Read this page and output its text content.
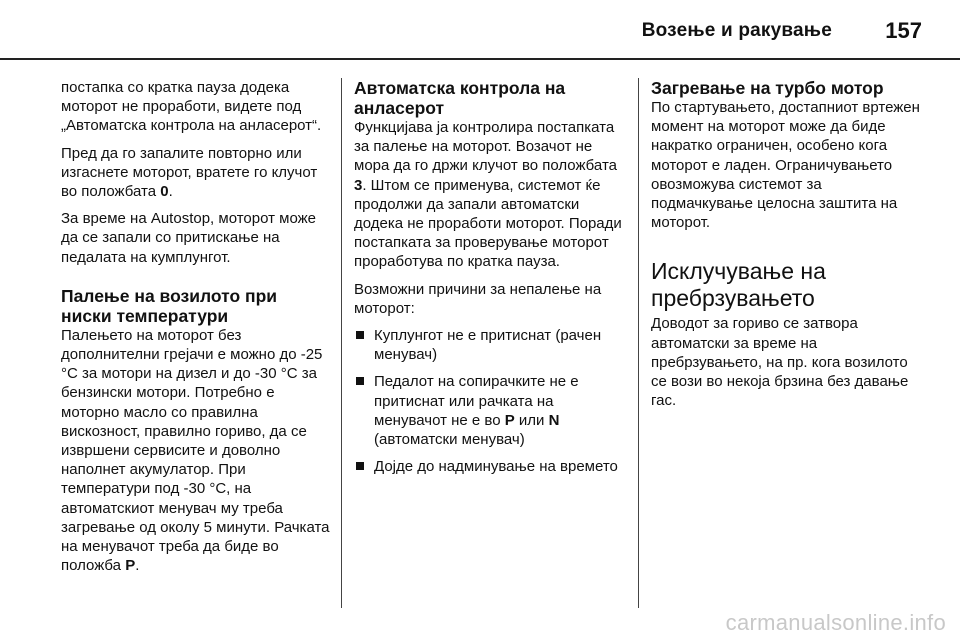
Возење и ракување 157

постапка со кратка пауза додека моторот не проработи, видете под „Автоматска контрола на анласерот“.

Пред да го запалите повторно или изгаснете моторот, вратете го клучот во положбата 0.

За време на Autostop, моторот може да се запали со притискање на педалата на кумплунгот.

Палење на возилото при ниски температури

Палењето на моторот без дополнителни грејачи е можно до -25 °C за мотори на дизел и до -30 °C за бензински мотори. Потребно е моторно масло со правилна вискозност, правилно гориво, да се извршени сервисите и доволно наполнет акумулатор. При температури под -30 °C, на автоматскиот менувач му треба загревање од околу 5 минути. Рачката на менувачот треба да биде во положба P.

Автоматска контрола на анласерот

Функцијава ја контролира постапката за палење на моторот. Возачот не мора да го држи клучот во положбата 3. Штом се применува, системот ќе продолжи да запали автоматски додека не проработи моторот. Поради постапката за проверување моторот проработува по кратка пауза.

Возможни причини за непалење на моторот:

Куплунгот не е притиснат (рачен менувач)
Педалот на сопирачките не е притиснат или рачката на менувачот не е во P или N (автоматски менувач)
Дојде до надминување на времето
Загревање на турбо мотор

По стартувањето, достапниот вртежен момент на моторот може да биде накратко ограничен, особено кога моторот е ладен. Ограничувањето овозможува системот за подмачкување целосна заштита на моторот.

Исклучување на пребрзувањето

Доводот за гориво се затвора автоматски за време на пребрзувањето, на пр. кога возилото се вози во некоја брзина без давање гас.

carmanualsonline.info
